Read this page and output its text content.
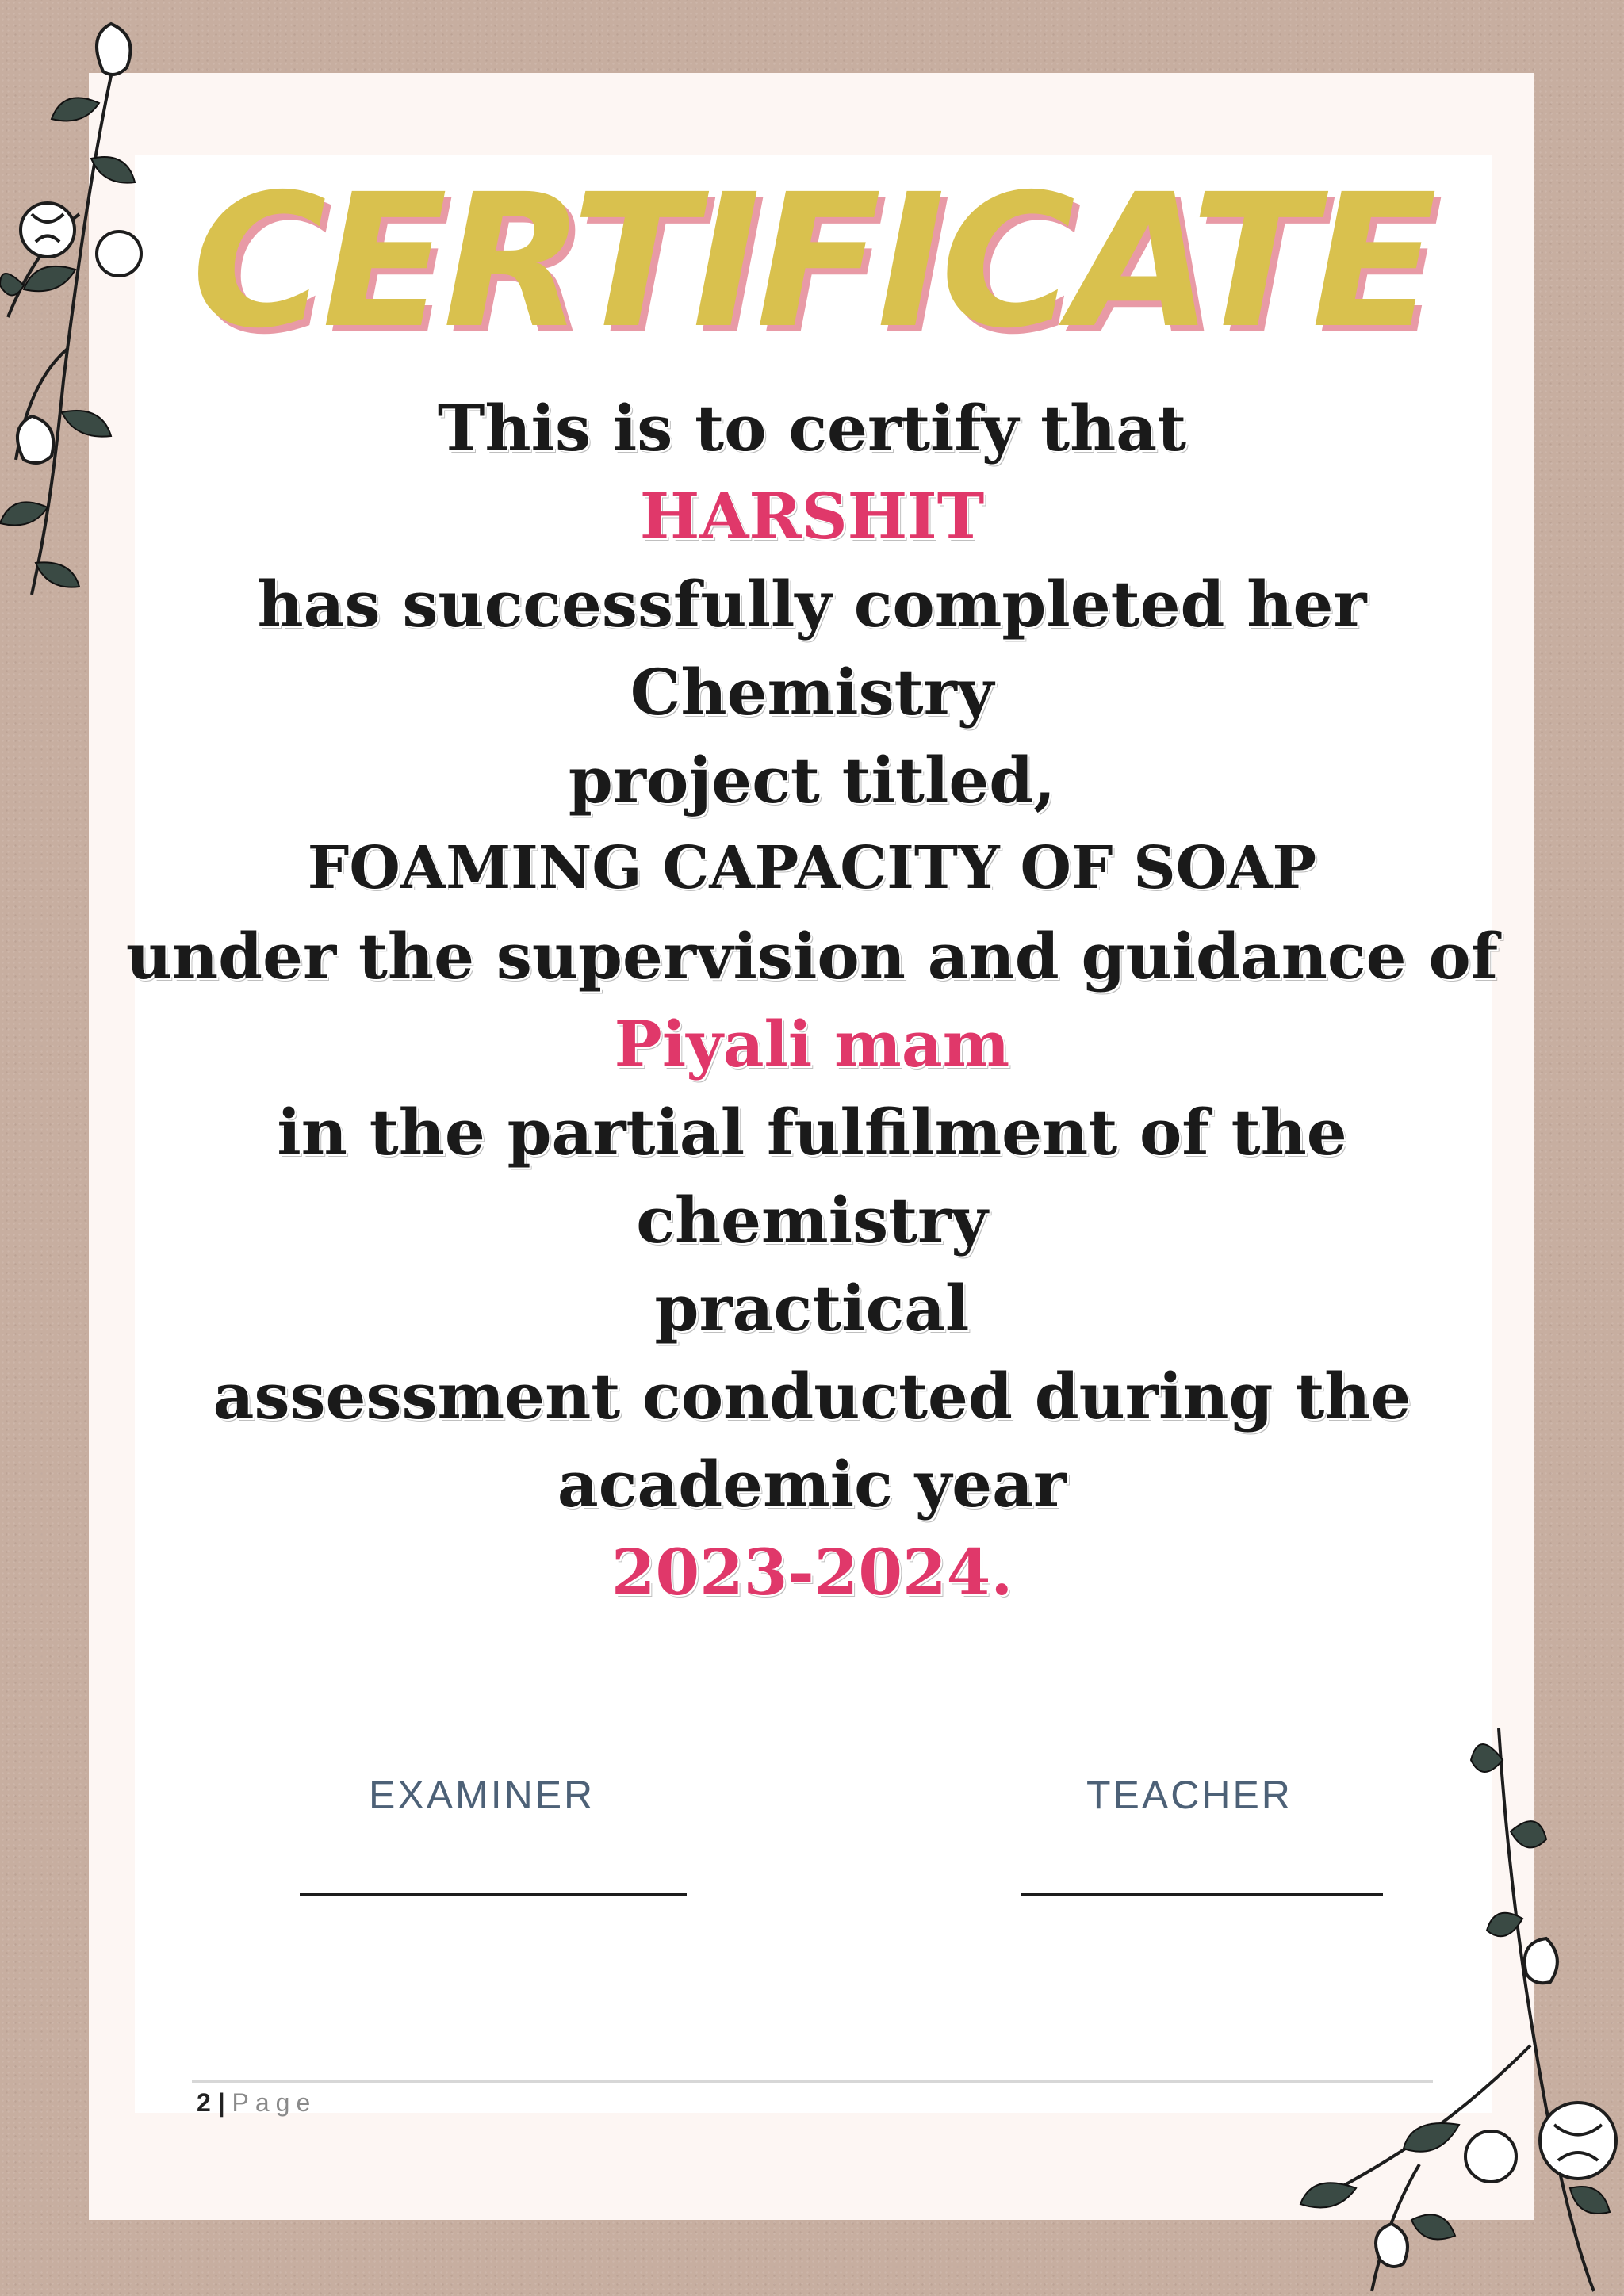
CERTIFICATE
This is to certify that
HARSHIT
has successfully completed her
Chemistry
project titled,
FOAMING CAPACITY OF SOAP
under the supervision and guidance of
Piyali mam
in the partial fulfilment of the
chemistry
practical
assessment conducted during the
academic year
2023-2024.
EXAMINER	TEACHER
2 | Page
